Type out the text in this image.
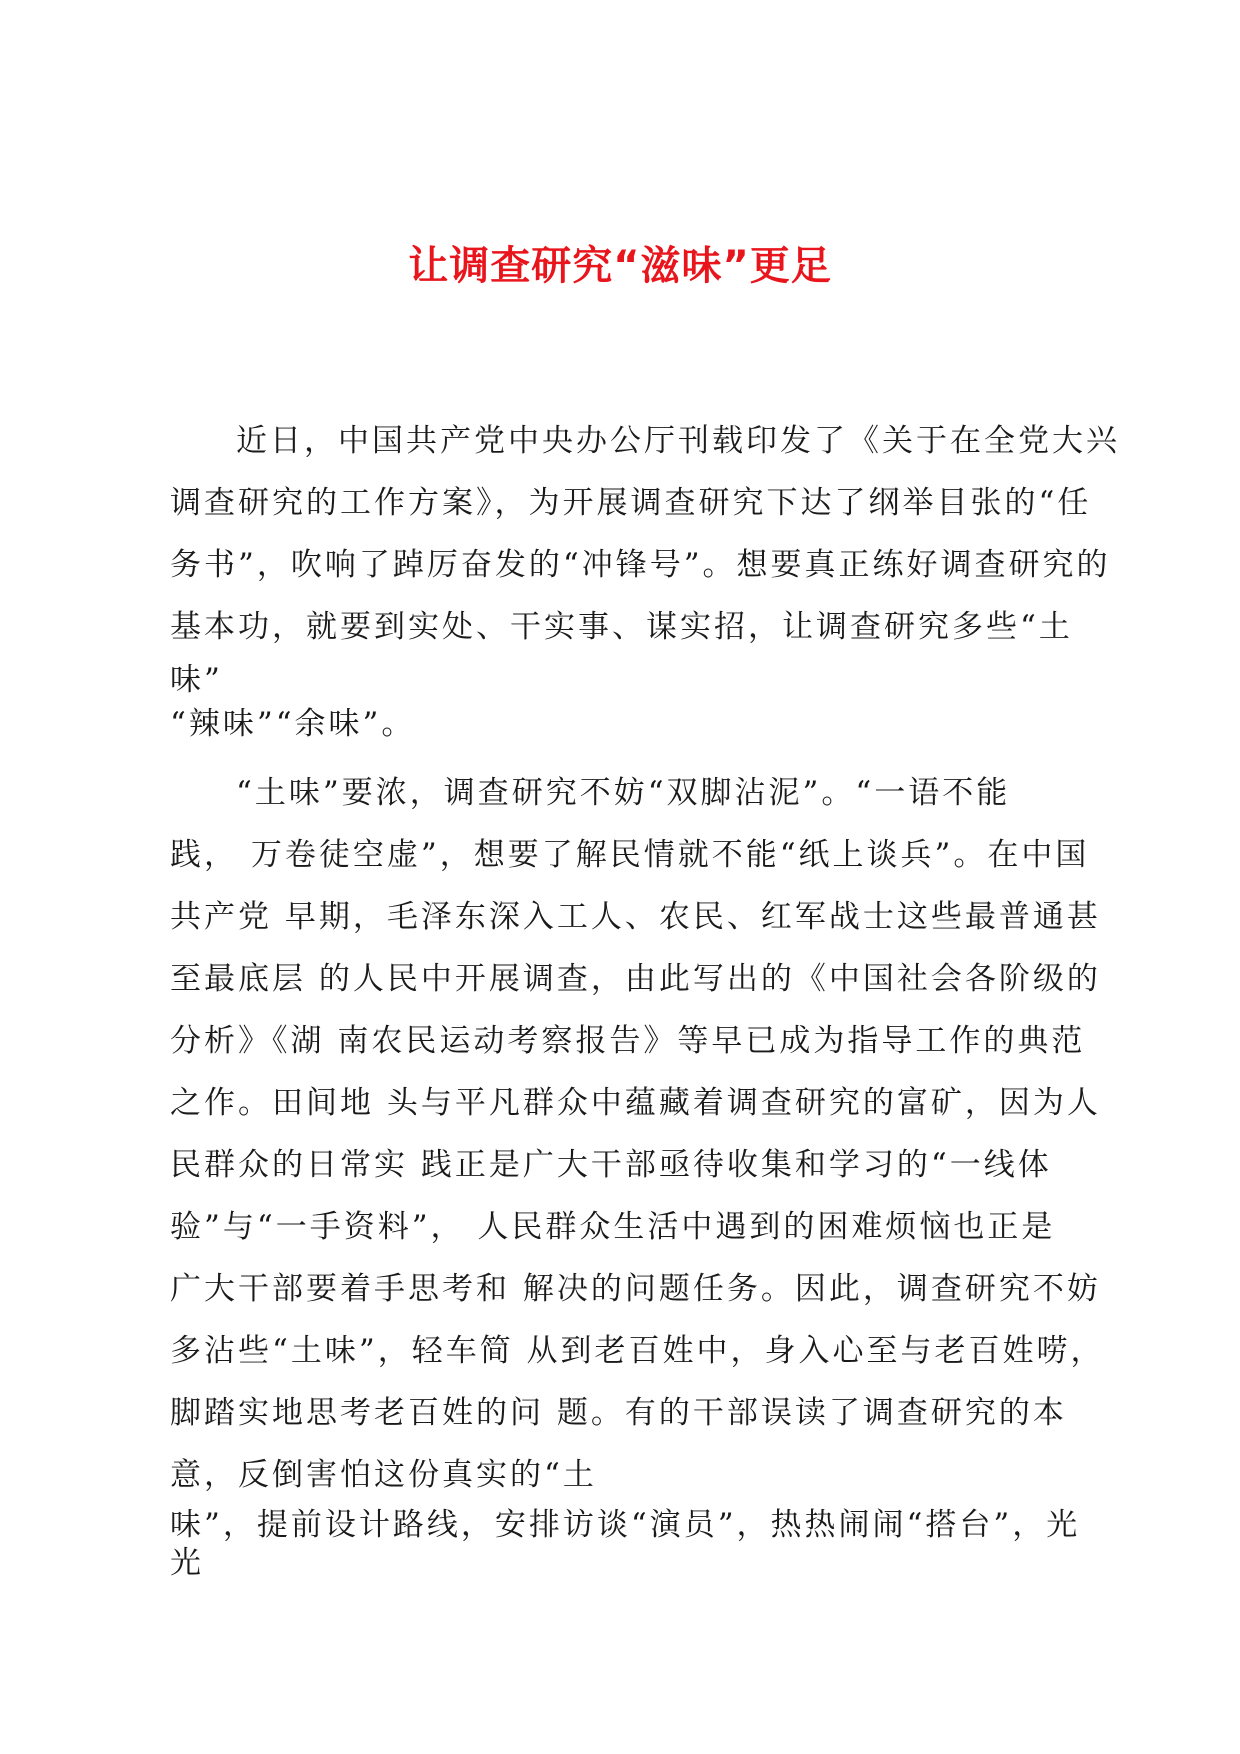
让调查研究“滋味”更足
近日，中国共产党中央办公厅刊载印发了《关于在全党大兴
调查研究的工作方案》，为开展调查研究下达了纲举目张的“任
务书”，吹响了踔厉奋发的“冲锋号”。想要真正练好调查研究的
基本功，就要到实处、干实事、谋实招，让调查研究多些“土
味”
“辣味”“余味”。
“土味”要浓，调查研究不妨“双脚沾泥”。“一语不能
践， 万卷徒空虚”，想要了解民情就不能“纸上谈兵”。在中国
共产党 早期，毛泽东深入工人、农民、红军战士这些最普通甚
至最底层 的人民中开展调查，由此写出的《中国社会各阶级的
分析》《湖 南农民运动考察报告》等早已成为指导工作的典范
之作。田间地 头与平凡群众中蕴藏着调查研究的富矿，因为人
民群众的日常实 践正是广大干部亟待收集和学习的“一线体
验”与“一手资料”， 人民群众生活中遇到的困难烦恼也正是
广大干部要着手思考和 解决的问题任务。因此，调查研究不妨
多沾些“土味”，轻车简 从到老百姓中，身入心至与老百姓唠，
脚踏实地思考老百姓的问 题。有的干部误读了调查研究的本
意，反倒害怕这份真实的“土
味”，提前设计路线，安排访谈“演员”，热热闹闹“搭台”，光
光
